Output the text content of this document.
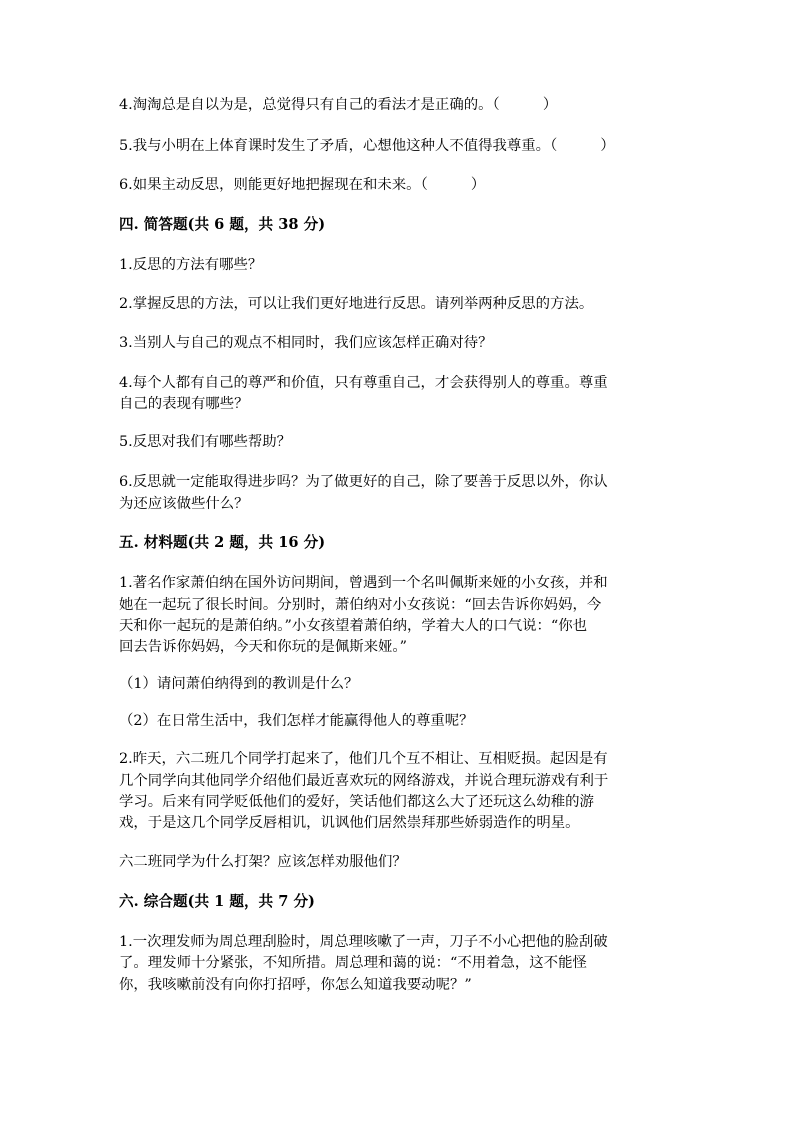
4.淘淘总是自以为是，总觉得只有自己的看法才是正确的。（　　　）
5.我与小明在上体育课时发生了矛盾，心想他这种人不值得我尊重。（　　　）
6.如果主动反思，则能更好地把握现在和未来。（　　　）
四. 简答题(共 6 题，共 38 分)
1.反思的方法有哪些？
2.掌握反思的方法，可以让我们更好地进行反思。请列举两种反思的方法。
3.当别人与自己的观点不相同时，我们应该怎样正确对待？
4.每个人都有自己的尊严和价值，只有尊重自己，才会获得别人的尊重。尊重
自己的表现有哪些？
5.反思对我们有哪些帮助？
6.反思就一定能取得进步吗？为了做更好的自己，除了要善于反思以外，你认
为还应该做些什么？
五. 材料题(共 2 题，共 16 分)
1.著名作家萧伯纳在国外访问期间，曾遇到一个名叫佩斯来娅的小女孩，并和
她在一起玩了很长时间。分别时，萧伯纳对小女孩说：“回去告诉你妈妈，今
天和你一起玩的是萧伯纳。”小女孩望着萧伯纳，学着大人的口气说：“你也
回去告诉你妈妈，今天和你玩的是佩斯来娅。”
（1）请问萧伯纳得到的教训是什么？
（2）在日常生活中，我们怎样才能赢得他人的尊重呢？
2.昨天，六二班几个同学打起来了，他们几个互不相让、互相贬损。起因是有
几个同学向其他同学介绍他们最近喜欢玩的网络游戏，并说合理玩游戏有利于
学习。后来有同学贬低他们的爱好，笑话他们都这么大了还玩这么幼稚的游
戏，于是这几个同学反唇相讥，讥讽他们居然崇拜那些娇弱造作的明星。
六二班同学为什么打架？应该怎样劝服他们？
六. 综合题(共 1 题，共 7 分)
1.一次理发师为周总理刮脸时，周总理咳嗽了一声，刀子不小心把他的脸刮破
了。理发师十分紧张，不知所措。周总理和蔼的说：“不用着急，这不能怪
你，我咳嗽前没有向你打招呼，你怎么知道我要动呢？”
